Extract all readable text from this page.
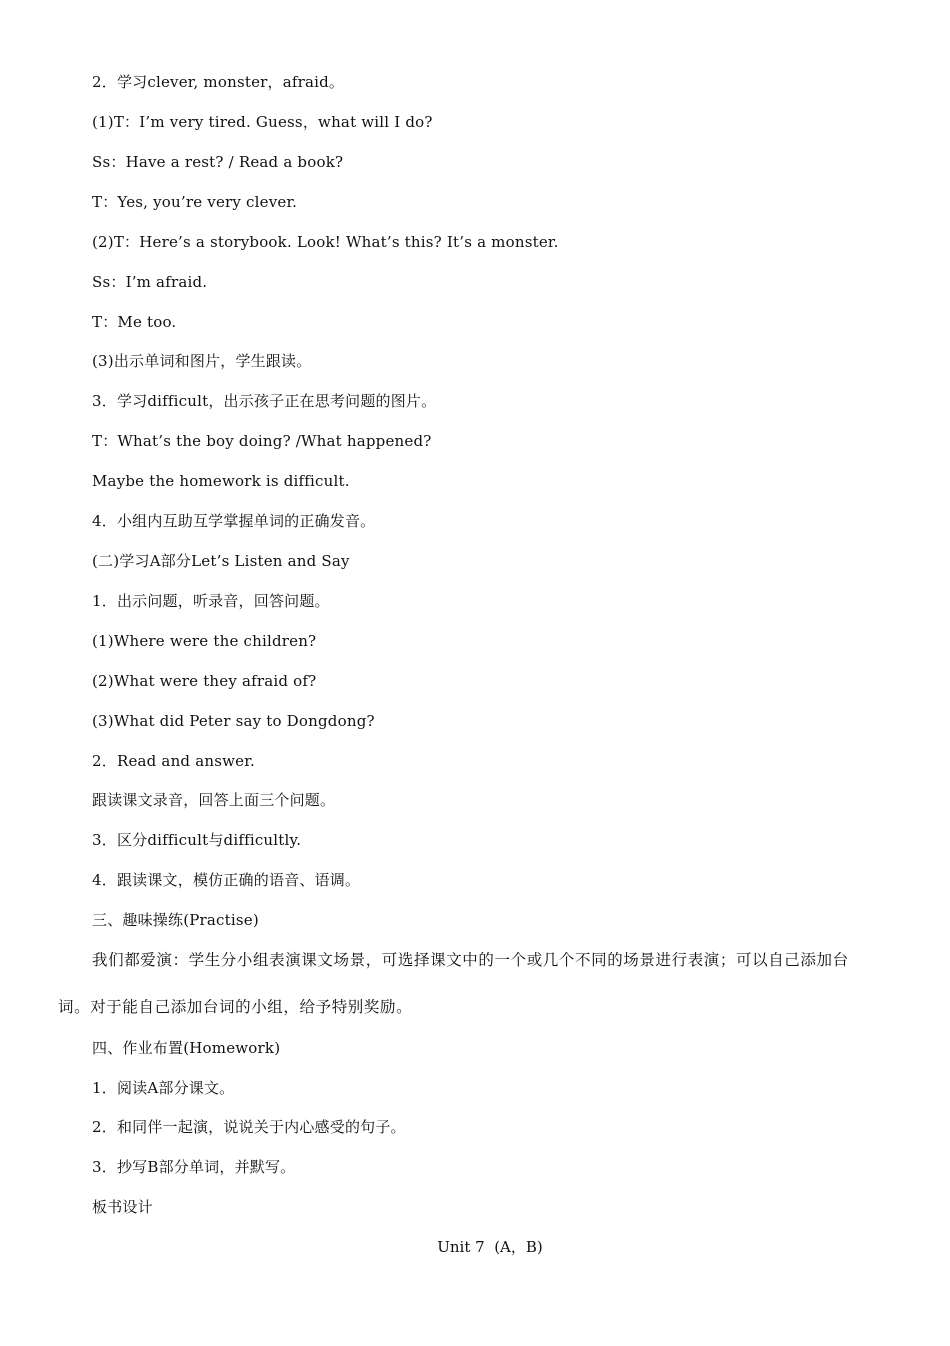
2．学习clever, monster，afraid。
(1)T：I’m very tired. Guess，what will I do?
Ss：Have a rest? / Read a book?
T：Yes, you’re very clever.
(2)T：Here’s a storybook. Look! What’s this? It’s a monster.
Ss：I’m afraid.
T：Me too.
(3)出示单词和图片，学生跟读。
3．学习difficult，出示孩子正在思考问题的图片。
T：What’s the boy doing? /What happened?
Maybe the homework is difficult.
4．小组内互助互学掌握单词的正确发音。
(二)学习A部分Let’s Listen and Say
1．出示问题，听录音，回答问题。
(1)Where were the children?
(2)What were they afraid of?
(3)What did Peter say to Dongdong?
2．Read and answer.
跟读课文录音，回答上面三个问题。
3．区分difficult与difficultly.
4．跟读课文，模仿正确的语音、语调。
三、趣味操练(Practise)
我们都爱演：学生分小组表演课文场景，可选择课文中的一个或几个不同的场景进行表演；可以自己添加台
词。对于能自己添加台词的小组，给予特别奖励。
四、作业布置(Homework)
1．阅读A部分课文。
2．和同伴一起演，说说关于内心感受的句子。
3．抄写B部分单词，并默写。
板书设计
Unit 7  (A，B)
